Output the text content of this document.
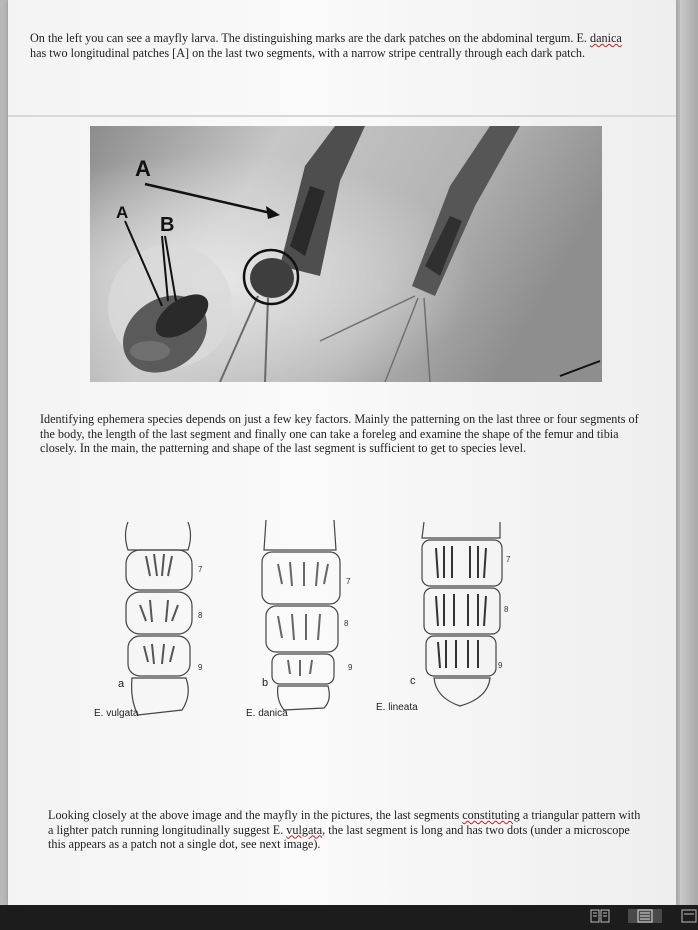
On the left you can see a mayfly larva. The distinguishing marks are the dark patches on the abdominal tergum. E. danica has two longitudinal patches [A] on the last two segments, with a narrow stripe centrally through each dark patch.

A
A
B

Identifying ephemera species depends on just a few key factors. Mainly the patterning on the last three or four segments of the body, the length of the last segment and finally one can take a foreleg and examine the shape of the femur and tibia closely. In the main, the patterning and shape of the last segment is sufficient to get to species level.

7
8
9
a
E. vulgata
7
8
9
b
E. danica
7
8
9
c
E. lineata

Looking closely at the above image and the mayfly in the pictures, the last segments constituting a triangular pattern with a lighter patch running longitudinally suggest E. vulgata, the last segment is long and has two dots (under a microscope this appears as a patch not a single dot, see next image).
